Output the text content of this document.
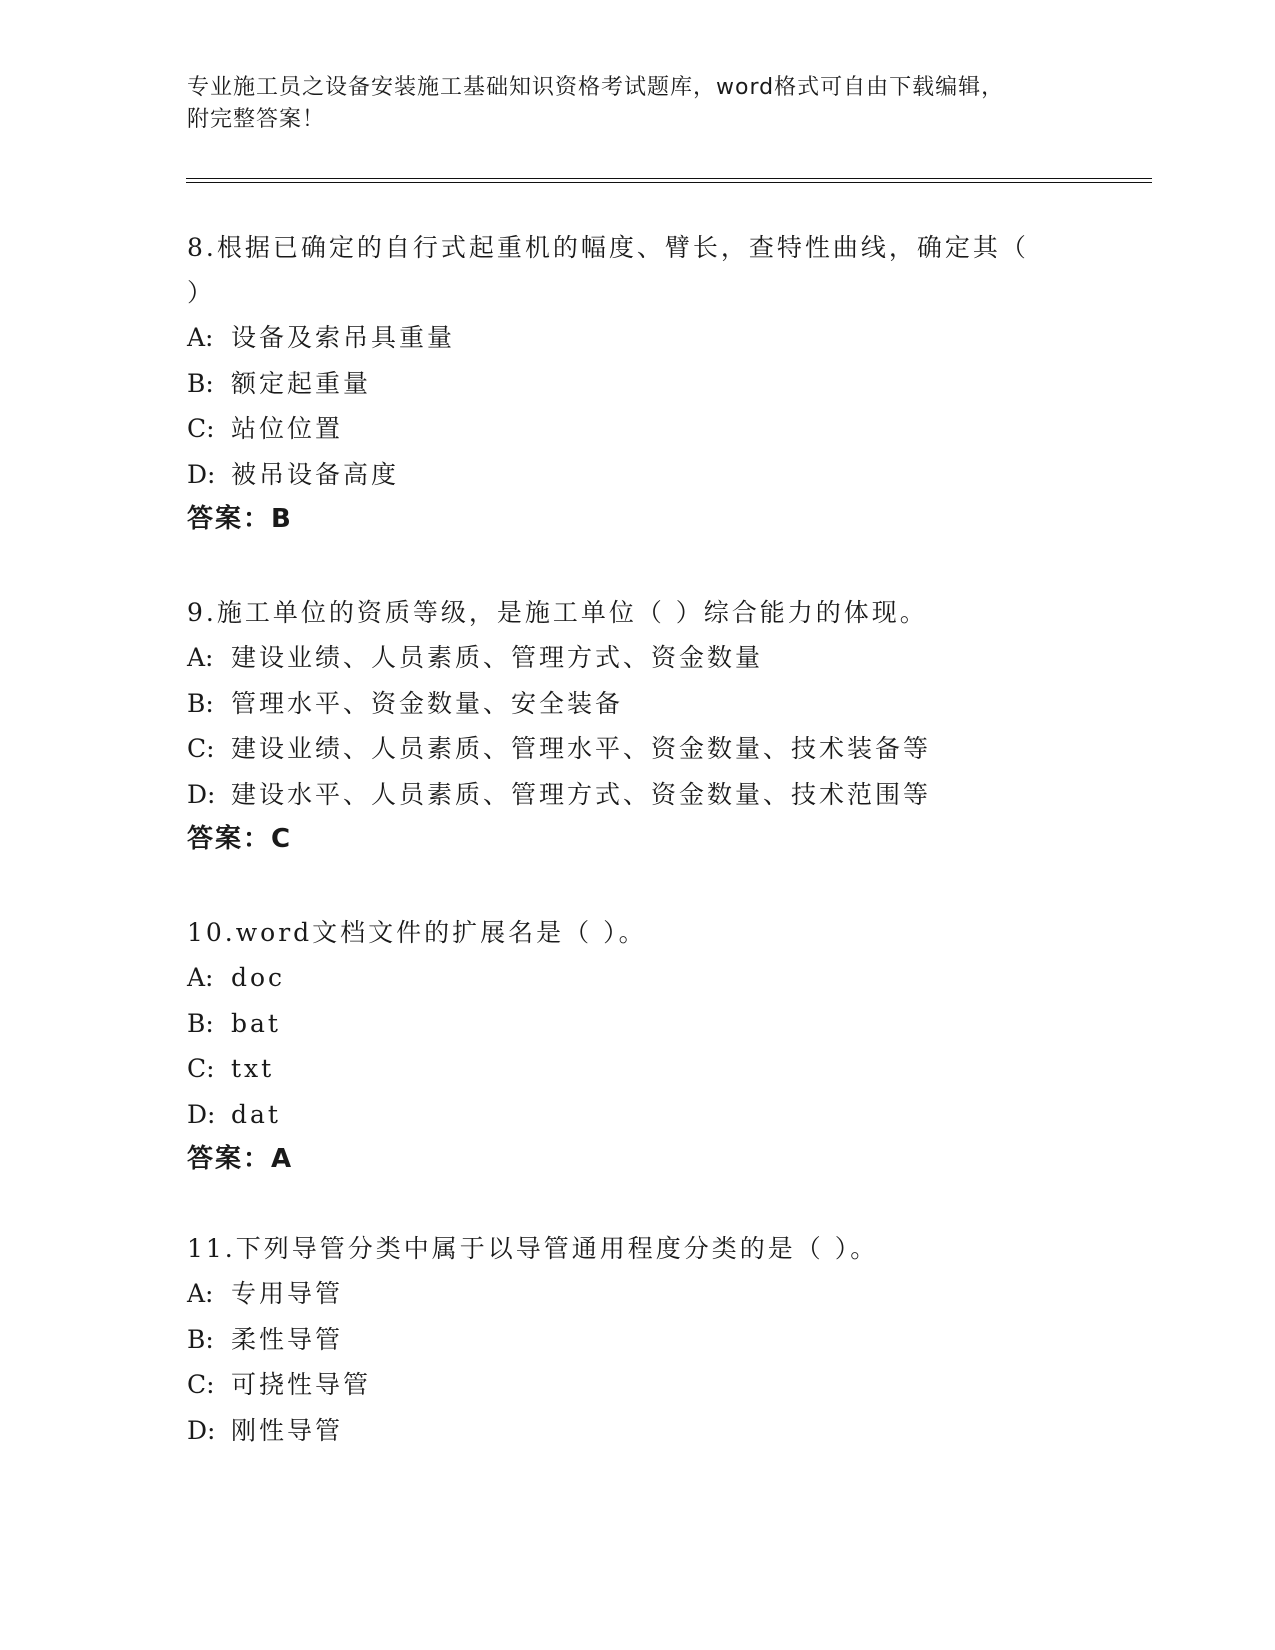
专业施工员之设备安装施工基础知识资格考试题库，word格式可自由下载编辑，
附完整答案！
8.根据已确定的自行式起重机的幅度、臂长，查特性曲线，确定其（
）
A: 设备及索吊具重量
B: 额定起重量
C: 站位位置
D: 被吊设备高度
答案：B
9.施工单位的资质等级，是施工单位（ ）综合能力的体现。
A: 建设业绩、人员素质、管理方式、资金数量
B: 管理水平、资金数量、安全装备
C: 建设业绩、人员素质、管理水平、资金数量、技术装备等
D: 建设水平、人员素质、管理方式、资金数量、技术范围等
答案：C
10.word文档文件的扩展名是（ ）。
A: doc
B: bat
C: txt
D: dat
答案：A
11.下列导管分类中属于以导管通用程度分类的是（ ）。
A: 专用导管
B: 柔性导管
C: 可挠性导管
D: 刚性导管
